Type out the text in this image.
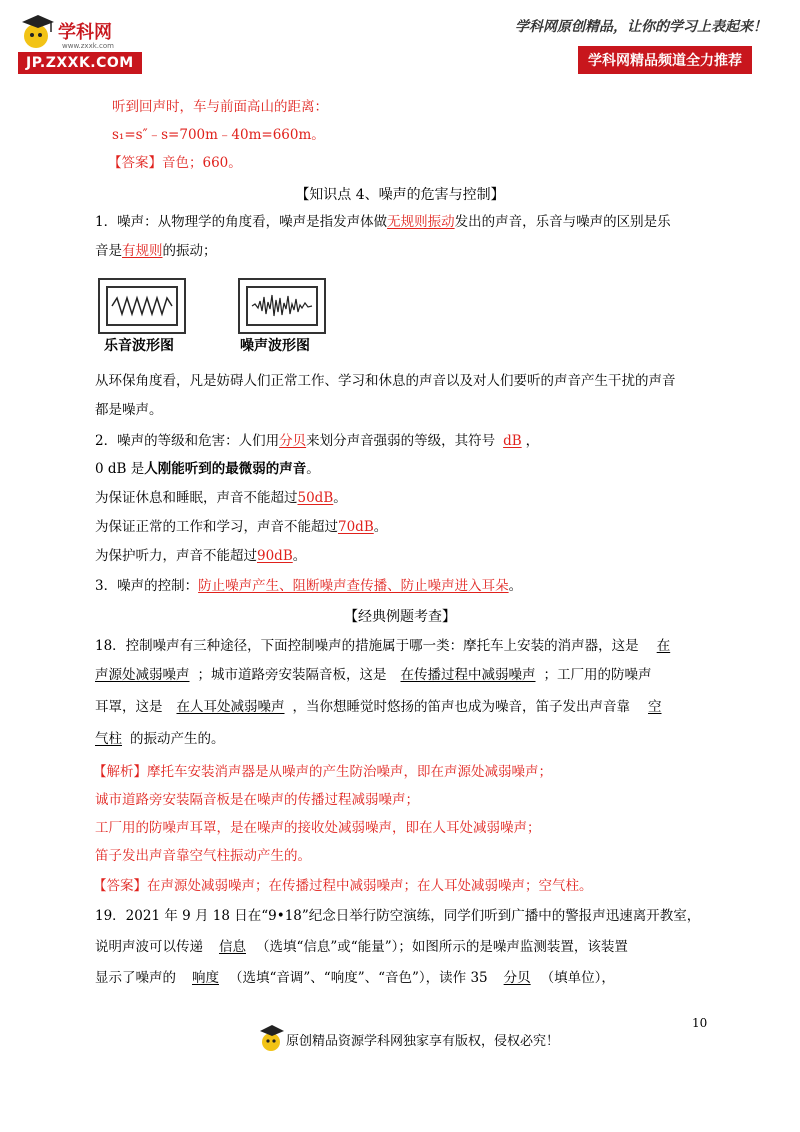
学科网
www.zxxk.com
JP.ZXXK.COM
学科网原创精品，让你的学习上表起来！
学科网精品频道全力推荐
听到回声时，车与前面高山的距离：
s₁=s″﹣s=700m﹣40m=660m。
【答案】音色；660。
【知识点 4、噪声的危害与控制】
1．噪声：从物理学的角度看，噪声是指发声体做无规则振动发出的声音，乐音与噪声的区别是乐
音是有规则的振动；
乐音波形图	噪声波形图
从环保角度看，凡是妨碍人们正常工作、学习和休息的声音以及对人们要听的声音产生干扰的声音
都是噪声。
2．噪声的等级和危害：人们用分贝来划分声音强弱的等级，其符号 dB ，
0 dB 是人刚能听到的最微弱的声音。
为保证休息和睡眠，声音不能超过50dB。
为保证正常的工作和学习，声音不能超过70dB。
为保护听力，声音不能超过90dB。
3．噪声的控制：防止噪声产生、阻断噪声查传播、防止噪声进入耳朵。
【经典例题考查】
18．控制噪声有三种途径，下面控制噪声的措施属于哪一类：摩托车上安装的消声器，这是 在
声源处减弱噪声 ；城市道路旁安装隔音板，这是 在传播过程中减弱噪声 ；工厂用的防噪声
耳罩，这是 在人耳处减弱噪声 ，当你想睡觉时悠扬的笛声也成为噪音，笛子发出声音靠 空
气柱 的振动产生的。
【解析】摩托车安装消声器是从噪声的产生防治噪声，即在声源处减弱噪声；
诚市道路旁安装隔音板是在噪声的传播过程减弱噪声；
工厂用的防噪声耳罩，是在噪声的接收处减弱噪声，即在人耳处减弱噪声；
笛子发出声音靠空气柱振动产生的。
【答案】在声源处减弱噪声；在传播过程中减弱噪声；在人耳处减弱噪声；空气柱。
19．2021 年 9 月 18 日在“9•18”纪念日举行防空演练，同学们听到广播中的警报声迅速离开教室，
说明声波可以传递 信息 （选填“信息”或“能量”）；如图所示的是噪声监测装置，该装置
显示了噪声的 响度 （选填“音调”、“响度”、“音色”），读作 35 分贝 （填单位），
10
原创精品资源学科网独家享有版权，侵权必究！
